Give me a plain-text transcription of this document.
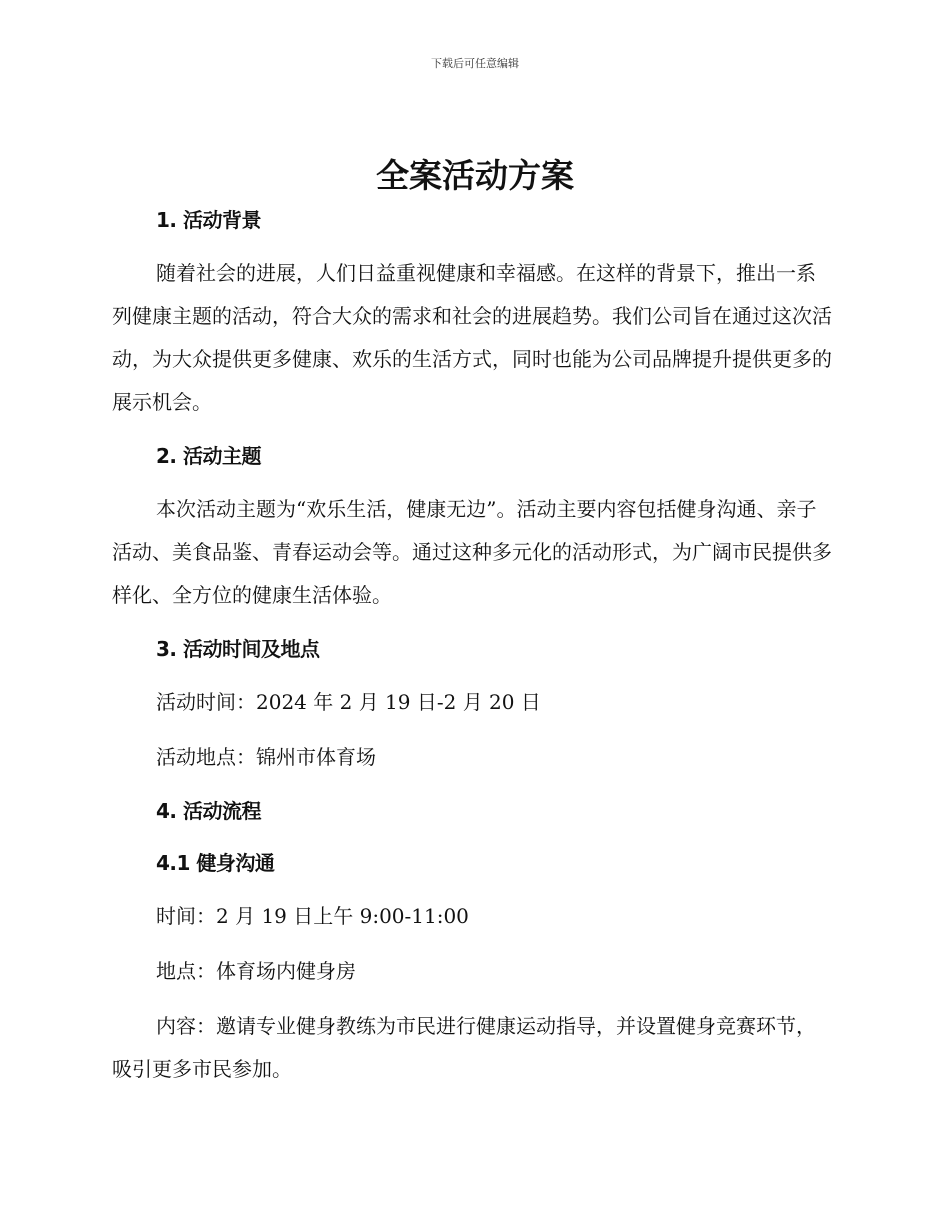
下载后可任意编辑
全案活动方案

1. 活动背景

随着社会的进展，人们日益重视健康和幸福感。在这样的背景下，推出一系列健康主题的活动，符合大众的需求和社会的进展趋势。我们公司旨在通过这次活动，为大众提供更多健康、欢乐的生活方式，同时也能为公司品牌提升提供更多的展示机会。

2. 活动主题

本次活动主题为“欢乐生活，健康无边”。活动主要内容包括健身沟通、亲子活动、美食品鉴、青春运动会等。通过这种多元化的活动形式，为广阔市民提供多样化、全方位的健康生活体验。

3. 活动时间及地点

活动时间：2024 年 2 月 19 日-2 月 20 日

活动地点：锦州市体育场

4. 活动流程

4.1 健身沟通

时间：2 月 19 日上午 9:00-11:00

地点：体育场内健身房

内容：邀请专业健身教练为市民进行健康运动指导，并设置健身竞赛环节，吸引更多市民参加。
